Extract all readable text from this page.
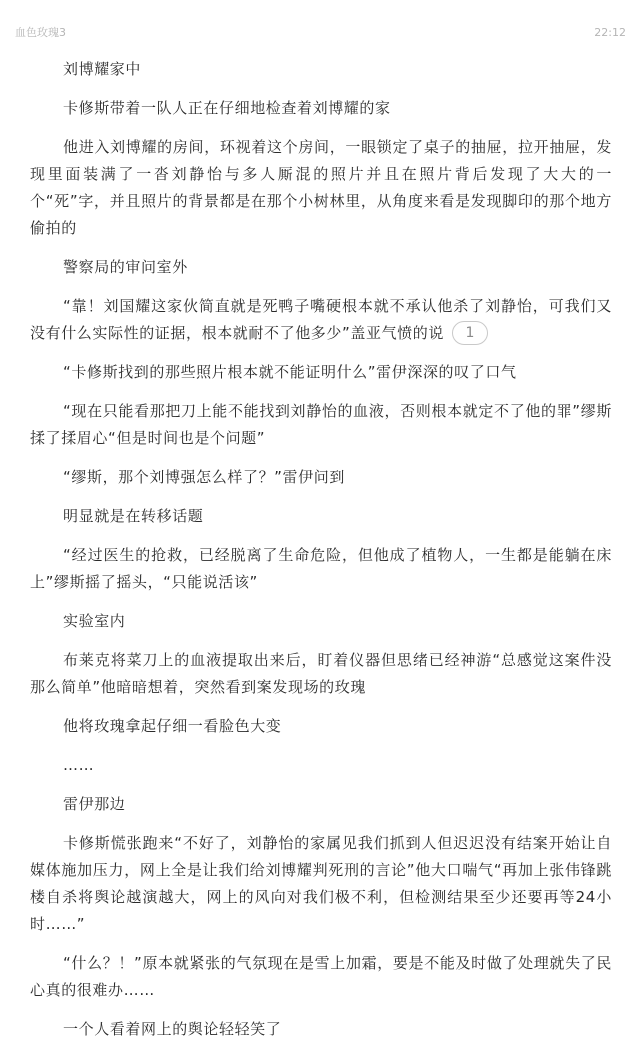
血色玫瑰3	22:12

刘博耀家中

卡修斯带着一队人正在仔细地检查着刘博耀的家

他进入刘博耀的房间，环视着这个房间，一眼锁定了桌子的抽屉，拉开抽屉，发现里面装满了一沓刘静怡与多人厮混的照片并且在照片背后发现了大大的一个“死”字，并且照片的背景都是在那个小树林里，从角度来看是发现脚印的那个地方偷拍的

警察局的审问室外

“靠！刘国耀这家伙简直就是死鸭子嘴硬根本就不承认他杀了刘静怡，可我们又没有什么实际性的证据，根本就耐不了他多少”盖亚气愤的说 1

“卡修斯找到的那些照片根本就不能证明什么”雷伊深深的叹了口气

“现在只能看那把刀上能不能找到刘静怡的血液，否则根本就定不了他的罪”缪斯揉了揉眉心“但是时间也是个问题”

“缪斯，那个刘博强怎么样了？”雷伊问到

明显就是在转移话题

“经过医生的抢救，已经脱离了生命危险，但他成了植物人，一生都是能躺在床上”缪斯摇了摇头，“只能说活该”

实验室内

布莱克将菜刀上的血液提取出来后，盯着仪器但思绪已经神游“总感觉这案件没那么简单”他暗暗想着，突然看到案发现场的玫瑰

他将玫瑰拿起仔细一看脸色大变

……

雷伊那边

卡修斯慌张跑来“不好了，刘静怡的家属见我们抓到人但迟迟没有结案开始让自媒体施加压力，网上全是让我们给刘博耀判死刑的言论”他大口喘气“再加上张伟锋跳楼自杀将舆论越演越大，网上的风向对我们极不利，但检测结果至少还要再等24小时……”

“什么？！”原本就紧张的气氛现在是雪上加霜，要是不能及时做了处理就失了民心真的很难办……

一个人看着网上的舆论轻轻笑了
